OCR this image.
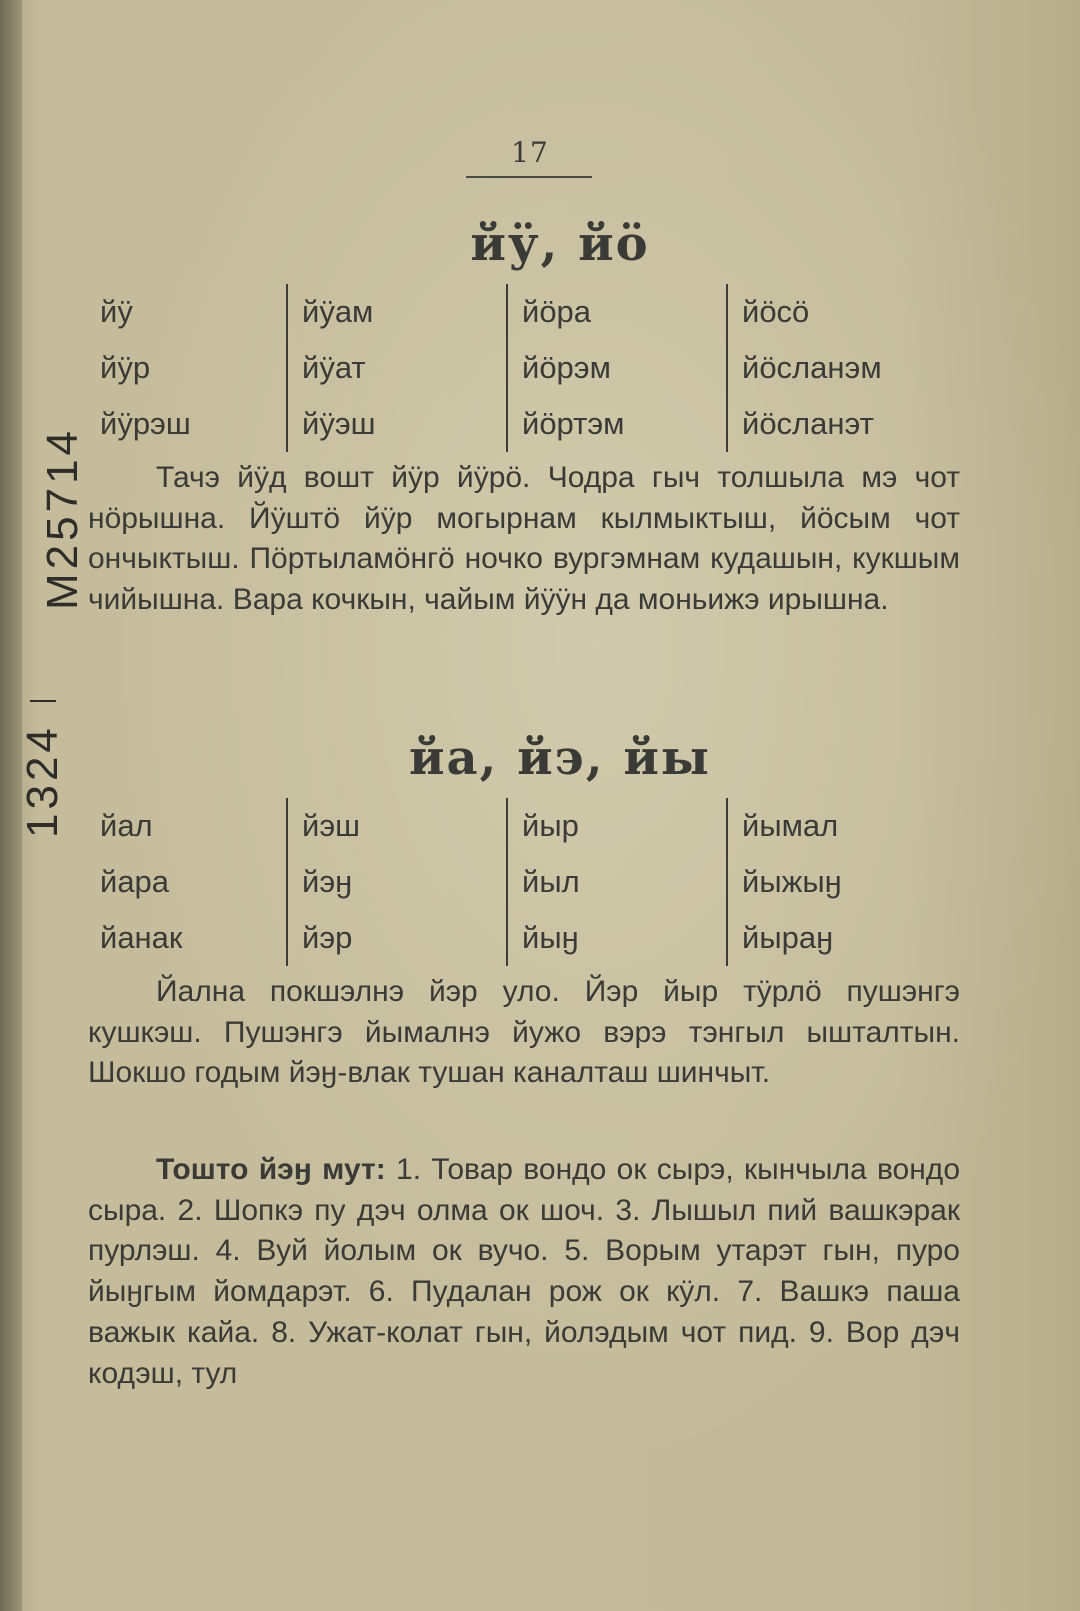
17
M25714
1324
йӱ, йӧ
йӱ
йӱр
йӱрэш
йӱам
йӱат
йӱэш
йӧра
йӧрэм
йӧртэм
йӧсӧ
йӧсланэм
йӧсланэт

Тачэ йӱд вошт йӱр йӱрӧ. Чодра гыч толшыла мэ чот нӧрышна. Йӱштӧ йӱр могырнам кылмыктыш, йӧсым чот ончыктыш. Пӧртыламӧнгӧ ночко вургэмнам кудашын, кукшым чийышна. Вара кочкын, чайым йӱӱн да моньижэ ирышна.

йа, йэ, йы
йал
йара
йанак
йэш
йэӈ
йэр
йыр
йыл
йыӈ
йымал
йыжыӈ
йыраӈ

Йална покшэлнэ йэр уло. Йэр йыр тӱрлӧ пушэнгэ кушкэш. Пушэнгэ йымалнэ йужо вэрэ тэнгыл ышталтын. Шокшо годым йэӈ-влак тушан каналташ шинчыт.

Тошто йэӈ мут: 1. Товар вондо ок сырэ, кынчыла вондо сыра. 2. Шопкэ пу дэч олма ок шоч. 3. Лышыл пий вашкэрак пурлэш. 4. Вуй йолым ок вучо. 5. Ворым утарэт гын, пуро йыӈгым йомдарэт. 6. Пудалан рож ок кӱл. 7. Вашкэ паша важык кайа. 8. Ужат-колат гын, йолэдым чот пид. 9. Вор дэч кодэш, тул
